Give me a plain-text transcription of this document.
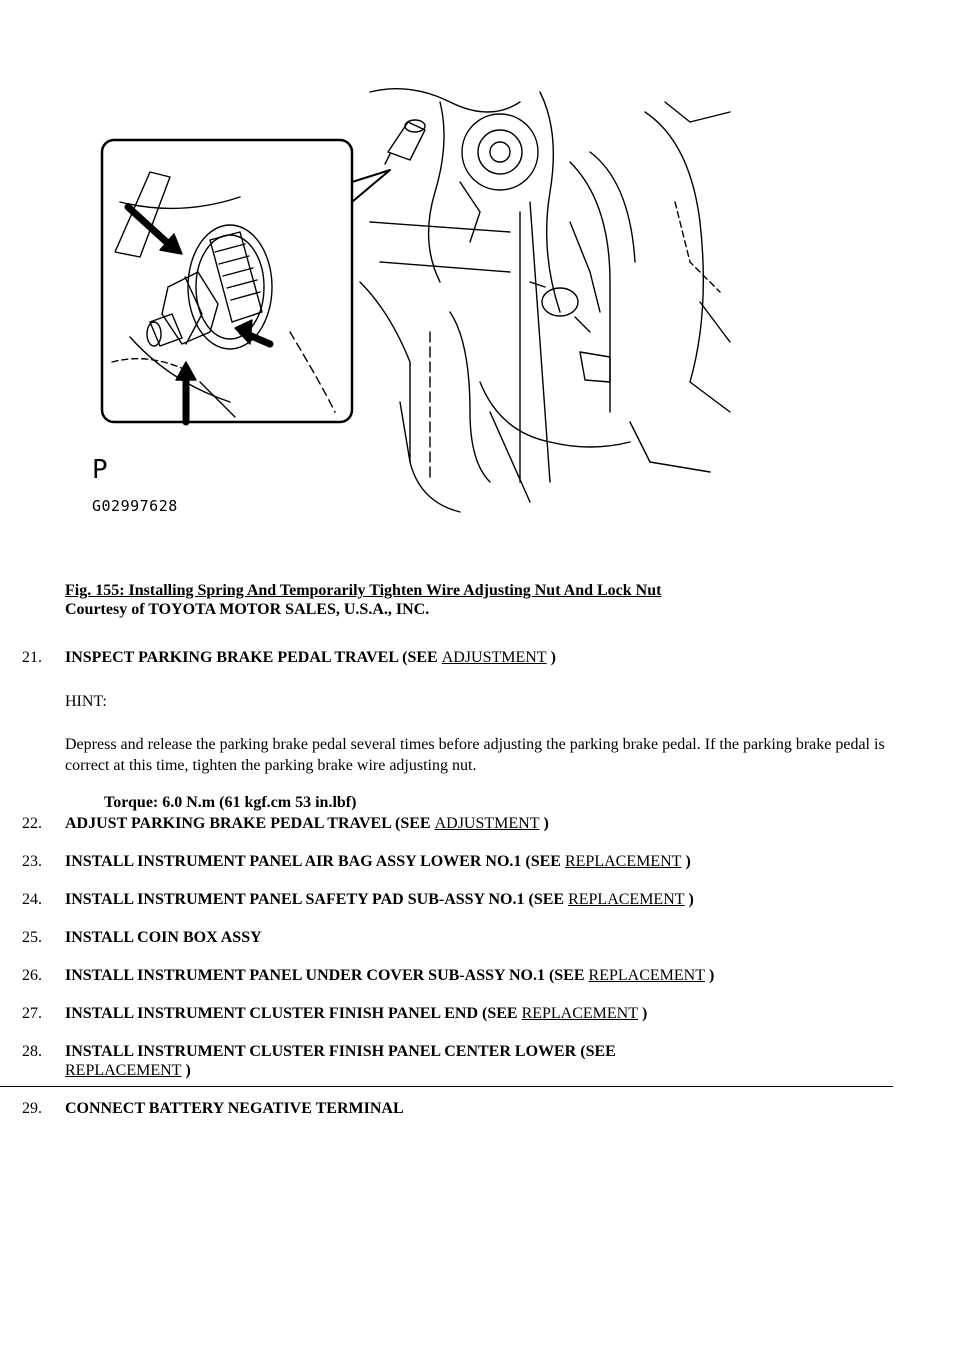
P
G02997628
Fig. 155: Installing Spring And Temporarily Tighten Wire Adjusting Nut And Lock Nut
Courtesy of TOYOTA MOTOR SALES, U.S.A., INC.
21.	INSPECT PARKING BRAKE PEDAL TRAVEL (SEE ADJUSTMENT )
HINT:
Depress and release the parking brake pedal several times before adjusting the parking brake pedal. If the parking brake pedal is correct at this time, tighten the parking brake wire adjusting nut.
Torque: 6.0 N.m (61 kgf.cm 53 in.lbf)
22.	ADJUST PARKING BRAKE PEDAL TRAVEL (SEE ADJUSTMENT )
23.	INSTALL INSTRUMENT PANEL AIR BAG ASSY LOWER NO.1 (SEE REPLACEMENT )
24.	INSTALL INSTRUMENT PANEL SAFETY PAD SUB-ASSY NO.1 (SEE REPLACEMENT )
25.	INSTALL COIN BOX ASSY
26.	INSTALL INSTRUMENT PANEL UNDER COVER SUB-ASSY NO.1 (SEE REPLACEMENT )
27.	INSTALL INSTRUMENT CLUSTER FINISH PANEL END (SEE REPLACEMENT )
28.	INSTALL INSTRUMENT CLUSTER FINISH PANEL CENTER LOWER (SEE
REPLACEMENT )
29.	CONNECT BATTERY NEGATIVE TERMINAL
